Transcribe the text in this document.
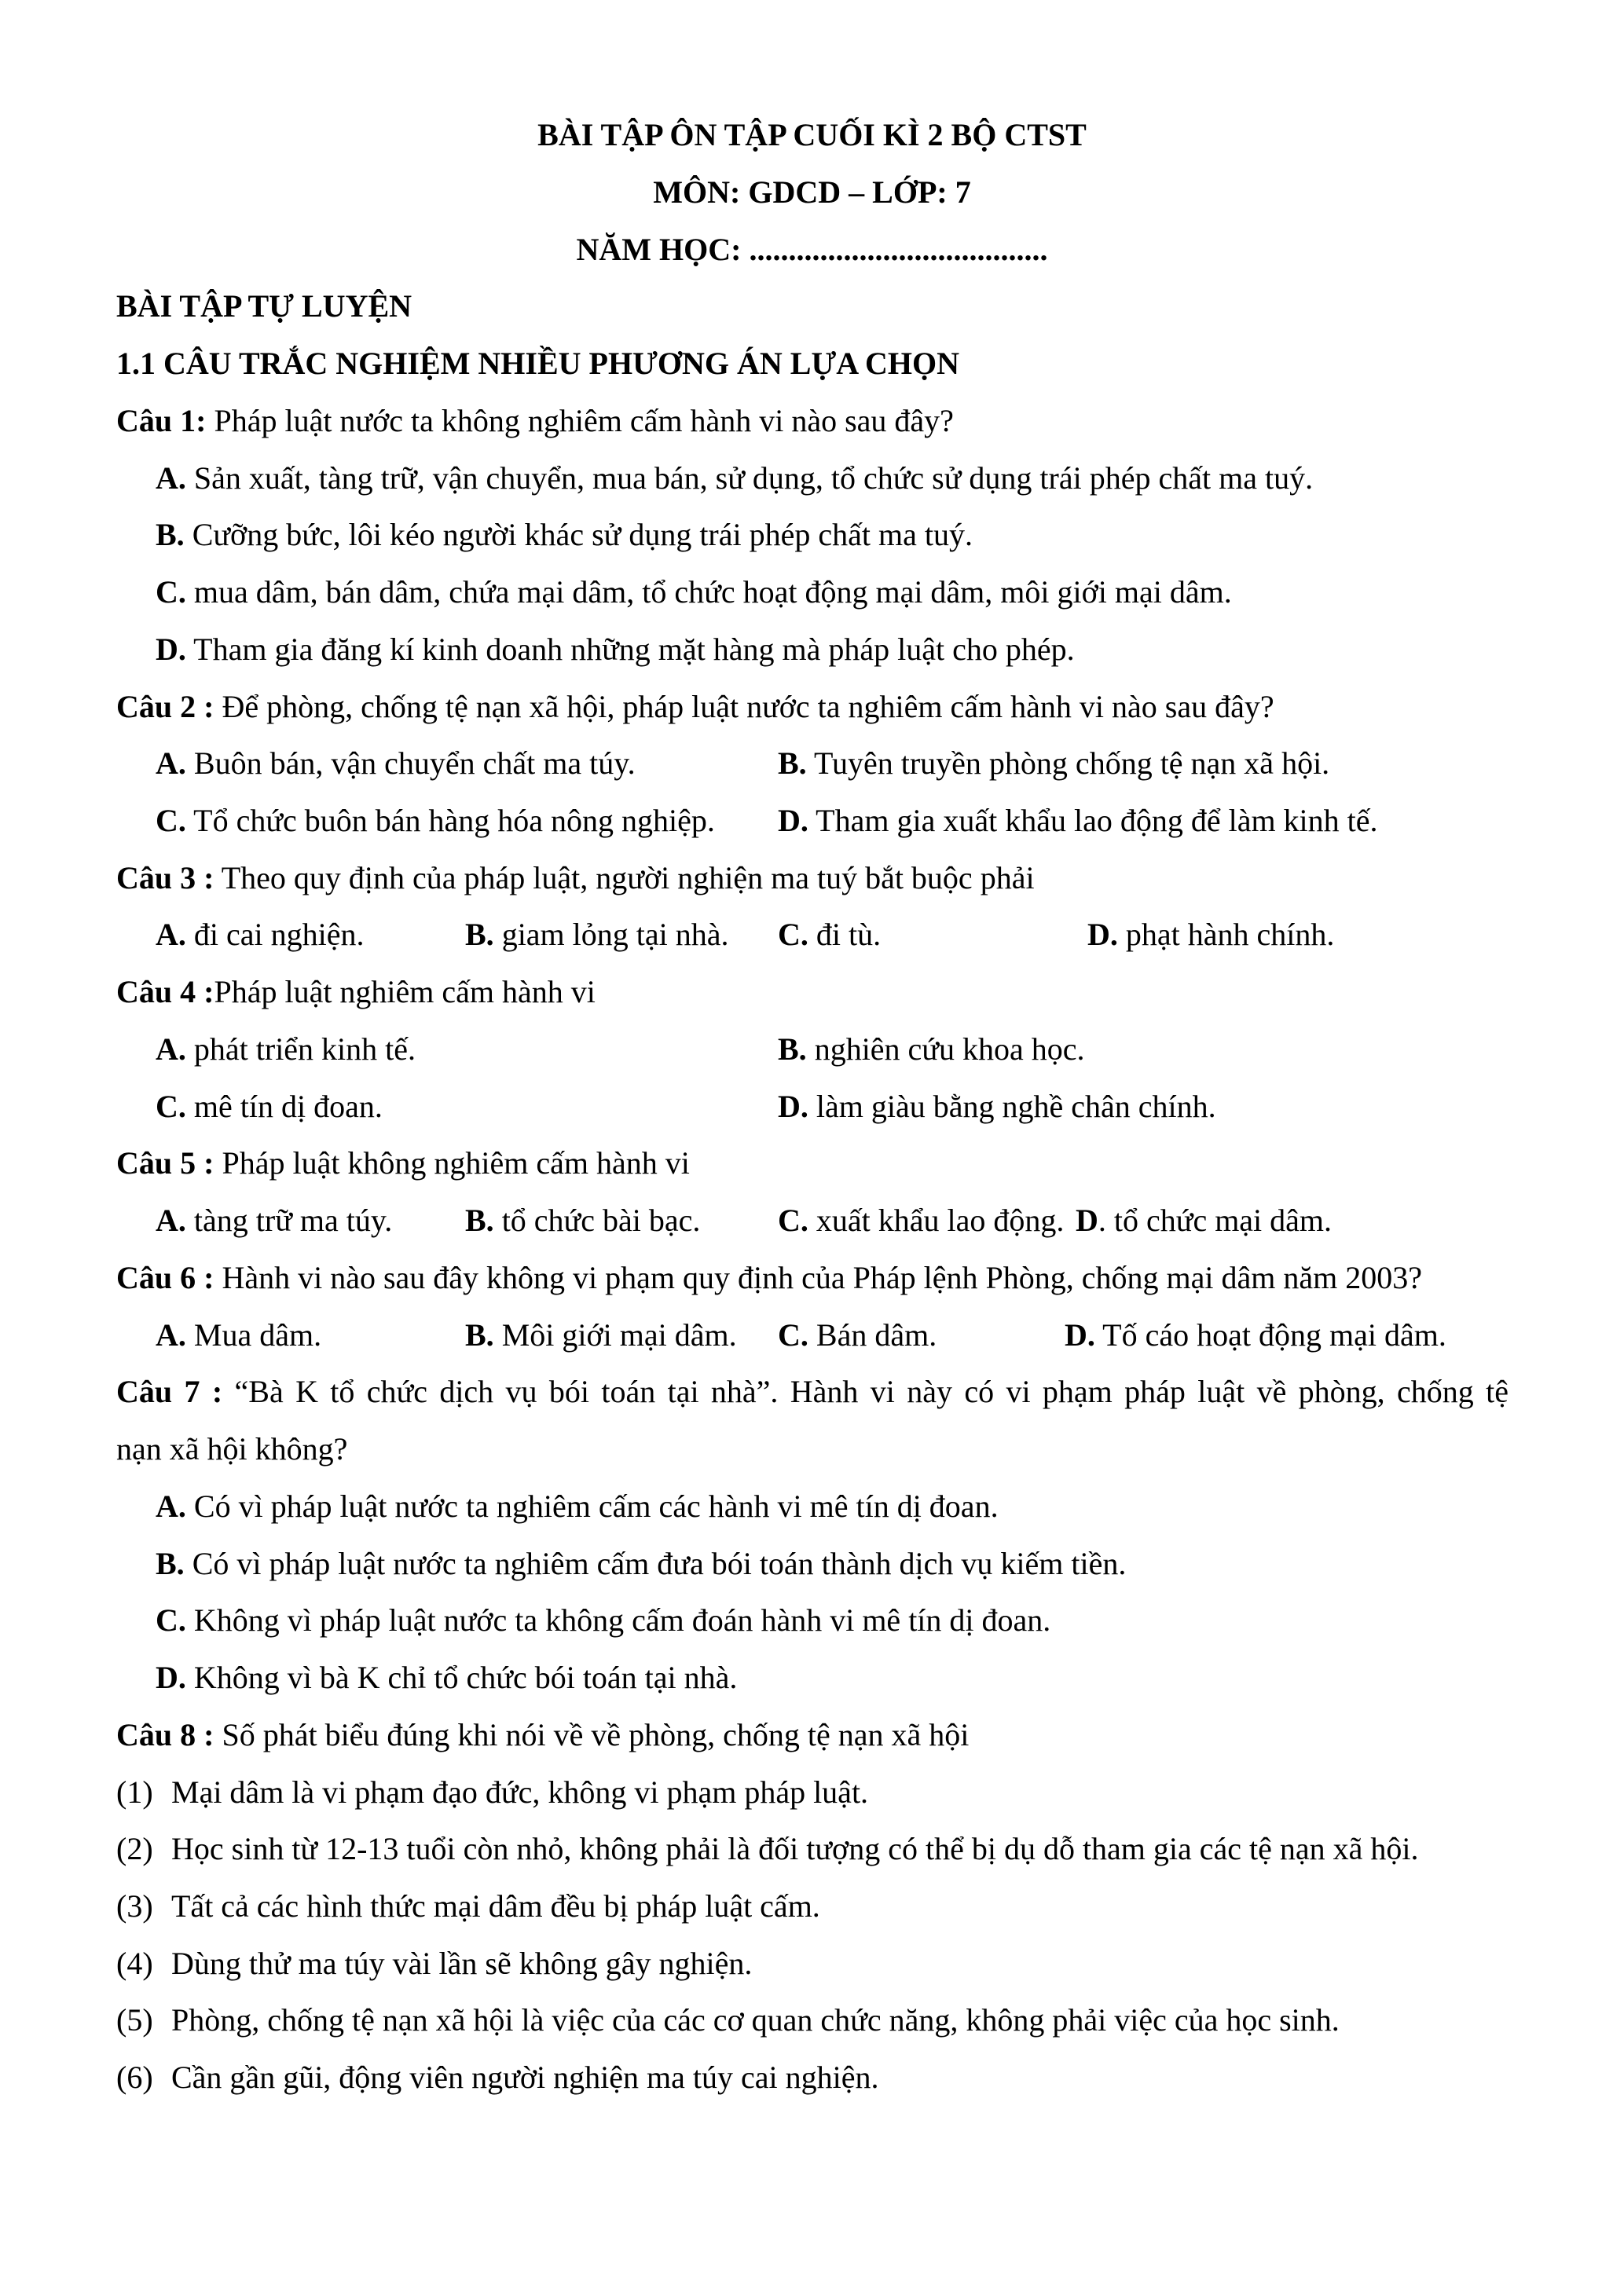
BÀI TẬP ÔN TẬP CUỐI KÌ 2 BỘ CTST
MÔN: GDCD – LỚP: 7
NĂM HỌC: ......................................
BÀI TẬP TỰ LUYỆN
1.1 CÂU TRẮC NGHIỆM NHIỀU PHƯƠNG ÁN LỰA CHỌN
Câu 1: Pháp luật nước ta không nghiêm cấm hành vi nào sau đây?
A. Sản xuất, tàng trữ, vận chuyển, mua bán, sử dụng, tổ chức sử dụng trái phép chất ma tuý.
B. Cưỡng bức, lôi kéo người khác sử dụng trái phép chất ma tuý.
C. mua dâm, bán dâm, chứa mại dâm, tổ chức hoạt động mại dâm, môi giới mại dâm.
D. Tham gia đăng kí kinh doanh những mặt hàng mà pháp luật cho phép.
Câu 2 : Để phòng, chống tệ nạn xã hội, pháp luật nước ta nghiêm cấm hành vi nào sau đây?
A. Buôn bán, vận chuyển chất ma túy.	B. Tuyên truyền phòng chống tệ nạn xã hội.
C. Tổ chức buôn bán hàng hóa nông nghiệp. D. Tham gia xuất khẩu lao động để làm kinh tế.
Câu 3 : Theo quy định của pháp luật, người nghiện ma tuý bắt buộc phải
A. đi cai nghiện.	B. giam lỏng tại nhà. C. đi tù.	D. phạt hành chính.
Câu 4 :Pháp luật nghiêm cấm hành vi
A. phát triển kinh tế.	B. nghiên cứu khoa học.
C. mê tín dị đoan.	D. làm giàu bằng nghề chân chính.
Câu 5 : Pháp luật không nghiêm cấm hành vi
A. tàng trữ ma túy. B. tổ chức bài bạc. C. xuất khẩu lao động. D. tổ chức mại dâm.
Câu 6 : Hành vi nào sau đây không vi phạm quy định của Pháp lệnh Phòng, chống mại dâm năm 2003?
A. Mua dâm.	B. Môi giới mại dâm. C. Bán dâm.	D. Tố cáo hoạt động mại dâm.
Câu 7 : “Bà K tổ chức dịch vụ bói toán tại nhà”. Hành vi này có vi phạm pháp luật về phòng, chống tệ
nạn xã hội không?
A. Có vì pháp luật nước ta nghiêm cấm các hành vi mê tín dị đoan.
B. Có vì pháp luật nước ta nghiêm cấm đưa bói toán thành dịch vụ kiếm tiền.
C. Không vì pháp luật nước ta không cấm đoán hành vi mê tín dị đoan.
D. Không vì bà K chỉ tổ chức bói toán tại nhà.
Câu 8 : Số phát biểu đúng khi nói về về phòng, chống tệ nạn xã hội
(1) Mại dâm là vi phạm đạo đức, không vi phạm pháp luật.
(2) Học sinh từ 12-13 tuổi còn nhỏ, không phải là đối tượng có thể bị dụ dỗ tham gia các tệ nạn xã hội.
(3) Tất cả các hình thức mại dâm đều bị pháp luật cấm.
(4) Dùng thử ma túy vài lần sẽ không gây nghiện.
(5) Phòng, chống tệ nạn xã hội là việc của các cơ quan chức năng, không phải việc của học sinh.
(6) Cần gần gũi, động viên người nghiện ma túy cai nghiện.
